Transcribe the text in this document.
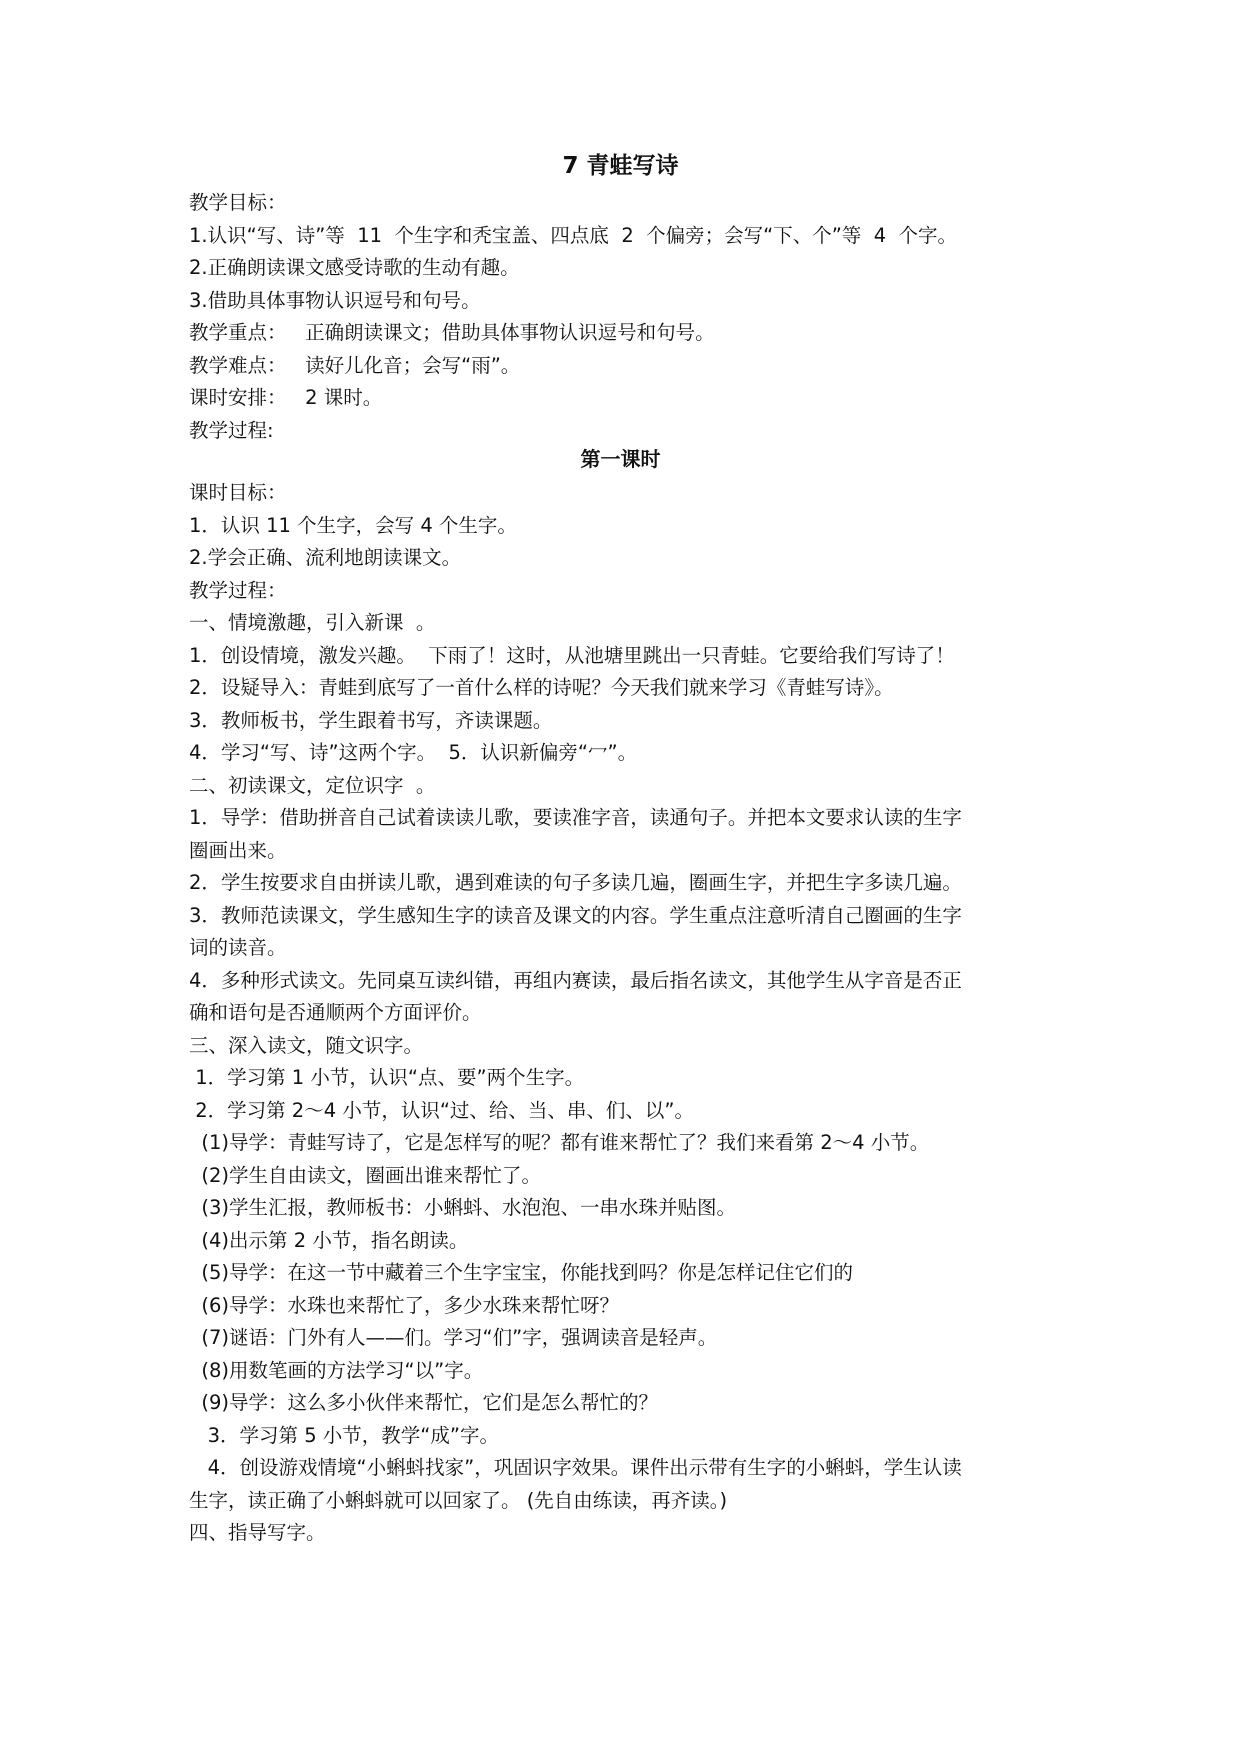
7 青蛙写诗
教学目标：
1.认识“写、诗”等  11  个生字和秃宝盖、四点底  2  个偏旁；会写“下、个”等  4  个字。
2.正确朗读课文感受诗歌的生动有趣。
3.借助具体事物认识逗号和句号。
教学重点：   正确朗读课文；借助具体事物认识逗号和句号。
教学难点：   读好儿化音；会写“雨”。
课时安排：   2 课时。
教学过程:
第一课时
课时目标：
1．认识 11 个生字，会写 4 个生字。
2.学会正确、流利地朗读课文。
教学过程：
一、情境激趣，引入新课  。
1．创设情境，激发兴趣。  下雨了！这时，从池塘里跳出一只青蛙。它要给我们写诗了！
2．设疑导入：青蛙到底写了一首什么样的诗呢？今天我们就来学习《青蛙写诗》。
3．教师板书，学生跟着书写，齐读课题。
4．学习“写、诗”这两个字。  5．认识新偏旁“冖”。
二、初读课文，定位识字  。
1．导学：借助拼音自己试着读读儿歌，要读准字音，读通句子。并把本文要求认读的生字
圈画出来。
2．学生按要求自由拼读儿歌，遇到难读的句子多读几遍，圈画生字，并把生字多读几遍。
3．教师范读课文，学生感知生字的读音及课文的内容。学生重点注意听清自己圈画的生字
词的读音。
4．多种形式读文。先同桌互读纠错，再组内赛读，最后指名读文，其他学生从字音是否正
确和语句是否通顺两个方面评价。
三、深入读文，随文识字。
1．学习第 1 小节，认识“点、要”两个生字。
2．学习第 2～4 小节，认识“过、给、当、串、们、以”。
(1)导学：青蛙写诗了，它是怎样写的呢？都有谁来帮忙了？我们来看第 2～4 小节。
(2)学生自由读文，圈画出谁来帮忙了。
(3)学生汇报，教师板书：小蝌蚪、水泡泡、一串水珠并贴图。
(4)出示第 2 小节，指名朗读。
(5)导学：在这一节中藏着三个生字宝宝，你能找到吗？你是怎样记住它们的
(6)导学：水珠也来帮忙了，多少水珠来帮忙呀？
(7)谜语：门外有人——们。学习“们”字，强调读音是轻声。
(8)用数笔画的方法学习“以”字。
(9)导学：这么多小伙伴来帮忙，它们是怎么帮忙的？
3．学习第 5 小节，教学“成”字。
4．创设游戏情境“小蝌蚪找家”，巩固识字效果。课件出示带有生字的小蝌蚪，学生认读
生字，读正确了小蝌蚪就可以回家了。 (先自由练读，再齐读。)
四、指导写字。
